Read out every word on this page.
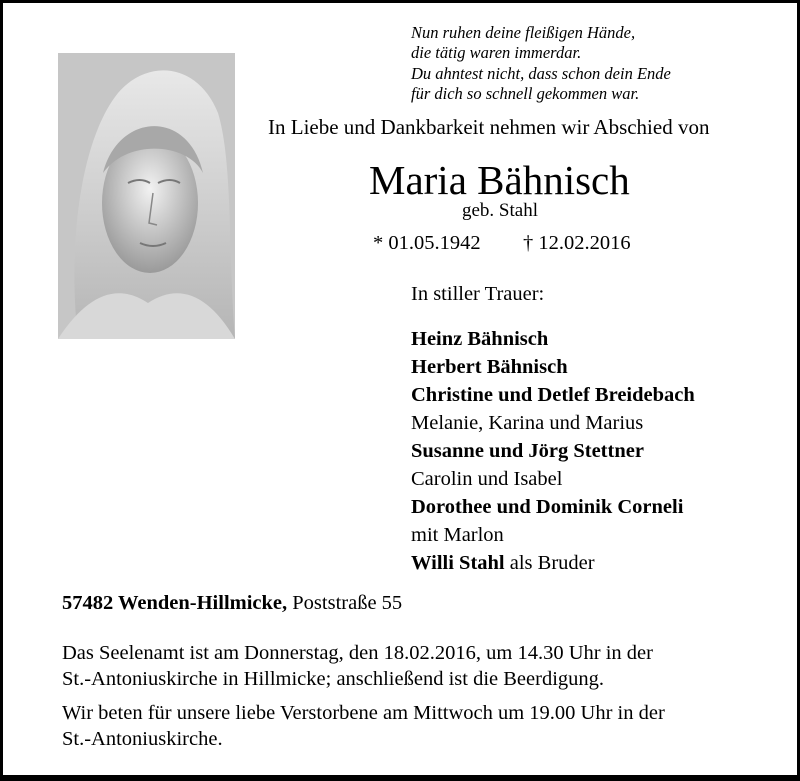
Nun ruhen deine fleißigen Hände,
die tätig waren immerdar.
Du ahntest nicht, dass schon dein Ende
für dich so schnell gekommen war.
In Liebe und Dankbarkeit nehmen wir Abschied von
Maria Bähnisch
geb. Stahl
* 01.05.1942 † 12.02.2016
In stiller Trauer:
Heinz Bähnisch
Herbert Bähnisch
Christine und Detlef Breidebach
Melanie, Karina und Marius
Susanne und Jörg Stettner
Carolin und Isabel
Dorothee und Dominik Corneli
mit Marlon
Willi Stahl als Bruder
57482 Wenden-Hillmicke, Poststraße 55
Das Seelenamt ist am Donnerstag, den 18.02.2016, um 14.30 Uhr in der
St.-Antoniuskirche in Hillmicke; anschließend ist die Beerdigung.
Wir beten für unsere liebe Verstorbene am Mittwoch um 19.00 Uhr in der
St.-Antoniuskirche.
